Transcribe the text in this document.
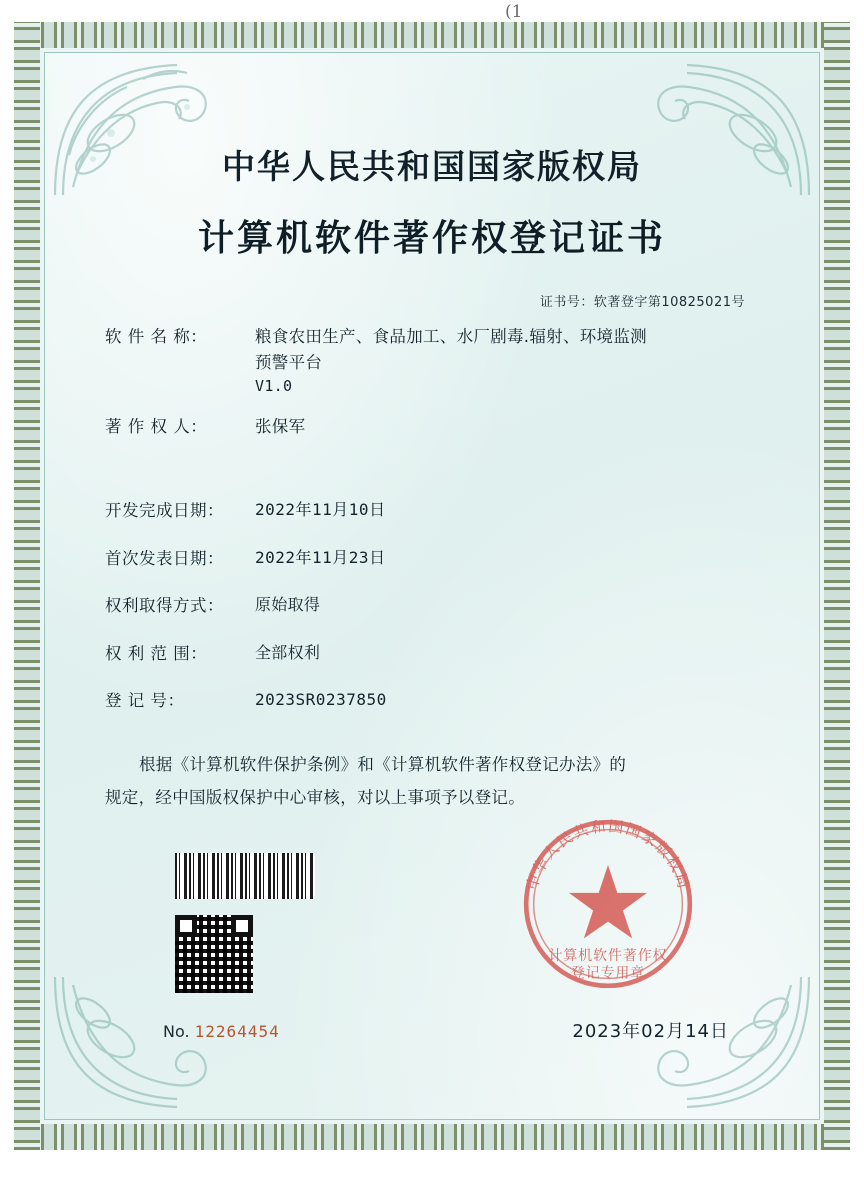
中华人民共和国国家版权局
计算机软件著作权登记证书
证书号：软著登字第10825021号
软 件 名 称：	粮食农田生产、食品加工、水厂剧毒.辐射、环境监测
预警平台
V1.0
著 作 权 人：	张保军
开发完成日期：	2022年11月10日
首次发表日期：	2022年11月23日
权利取得方式：	原始取得
权 利 范 围：	全部权利
登 记 号：	2023SR0237850
根据《计算机软件保护条例》和《计算机软件著作权登记办法》的
规定，经中国版权保护中心审核，对以上事项予以登记。
中华人民共和国国家版权局
计算机软件著作权
登记专用章
No. 12264454	2023年02月14日
(1
